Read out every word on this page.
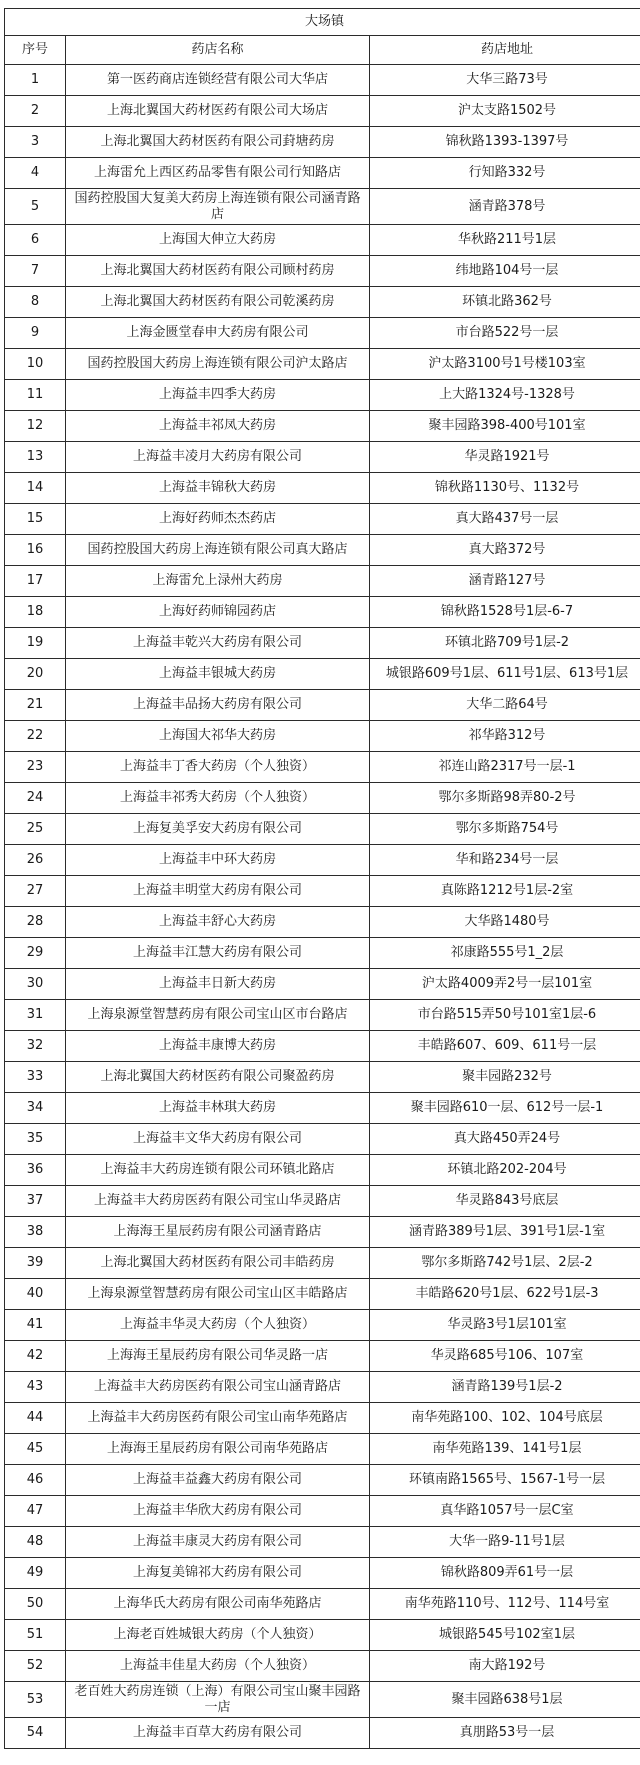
大场镇		
序号	药店名称	药店地址
1	第一医药商店连锁经营有限公司大华店	大华三路73号
2	上海北翼国大药材医药有限公司大场店	沪太支路1502号
3	上海北翼国大药材医药有限公司葑塘药房	锦秋路1393-1397号
4	上海雷允上西区药品零售有限公司行知路店	行知路332号
5	国药控股国大复美大药房上海连锁有限公司涵青路店	涵青路378号
6	上海国大伸立大药房	华秋路211号1层
7	上海北翼国大药材医药有限公司顾村药房	纬地路104号一层
8	上海北翼国大药材医药有限公司乾溪药房	环镇北路362号
9	上海金匮堂春申大药房有限公司	市台路522号一层
10	国药控股国大药房上海连锁有限公司沪太路店	沪太路3100号1号楼103室
11	上海益丰四季大药房	上大路1324号-1328号
12	上海益丰祁凤大药房	聚丰园路398-400号101室
13	上海益丰凌月大药房有限公司	华灵路1921号
14	上海益丰锦秋大药房	锦秋路1130号、1132号
15	上海好药师杰杰药店	真大路437号一层
16	国药控股国大药房上海连锁有限公司真大路店	真大路372号
17	上海雷允上渌州大药房	涵青路127号
18	上海好药师锦园药店	锦秋路1528号1层-6-7
19	上海益丰乾兴大药房有限公司	环镇北路709号1层-2
20	上海益丰银城大药房	城银路609号1层、611号1层、613号1层
21	上海益丰品扬大药房有限公司	大华二路64号
22	上海国大祁华大药房	祁华路312号
23	上海益丰丁香大药房（个人独资）	祁连山路2317号一层-1
24	上海益丰祁秀大药房（个人独资）	鄂尔多斯路98弄80-2号
25	上海复美孚安大药房有限公司	鄂尔多斯路754号
26	上海益丰中环大药房	华和路234号一层
27	上海益丰明堂大药房有限公司	真陈路1212号1层-2室
28	上海益丰舒心大药房	大华路1480号
29	上海益丰江慧大药房有限公司	祁康路555号1_2层
30	上海益丰日新大药房	沪太路4009弄2号一层101室
31	上海泉源堂智慧药房有限公司宝山区市台路店	市台路515弄50号101室1层-6
32	上海益丰康博大药房	丰皓路607、609、611号一层
33	上海北翼国大药材医药有限公司聚盈药房	聚丰园路232号
34	上海益丰林琪大药房	聚丰园路610一层、612号一层-1
35	上海益丰文华大药房有限公司	真大路450弄24号
36	上海益丰大药房连锁有限公司环镇北路店	环镇北路202-204号
37	上海益丰大药房医药有限公司宝山华灵路店	华灵路843号底层
38	上海海王星辰药房有限公司涵青路店	涵青路389号1层、391号1层-1室
39	上海北翼国大药材医药有限公司丰皓药房	鄂尔多斯路742号1层、2层-2
40	上海泉源堂智慧药房有限公司宝山区丰皓路店	丰皓路620号1层、622号1层-3
41	上海益丰华灵大药房（个人独资）	华灵路3号1层101室
42	上海海王星辰药房有限公司华灵路一店	华灵路685号106、107室
43	上海益丰大药房医药有限公司宝山涵青路店	涵青路139号1层-2
44	上海益丰大药房医药有限公司宝山南华苑路店	南华苑路100、102、104号底层
45	上海海王星辰药房有限公司南华苑路店	南华苑路139、141号1层
46	上海益丰益鑫大药房有限公司	环镇南路1565号、1567-1号一层
47	上海益丰华欣大药房有限公司	真华路1057号一层C室
48	上海益丰康灵大药房有限公司	大华一路9-11号1层
49	上海复美锦祁大药房有限公司	锦秋路809弄61号一层
50	上海华氏大药房有限公司南华苑路店	南华苑路110号、112号、114号室
51	上海老百姓城银大药房（个人独资）	城银路545号102室1层
52	上海益丰佳星大药房（个人独资）	南大路192号
53	老百姓大药房连锁（上海）有限公司宝山聚丰园路一店	聚丰园路638号1层
54	上海益丰百草大药房有限公司	真朋路53号一层
